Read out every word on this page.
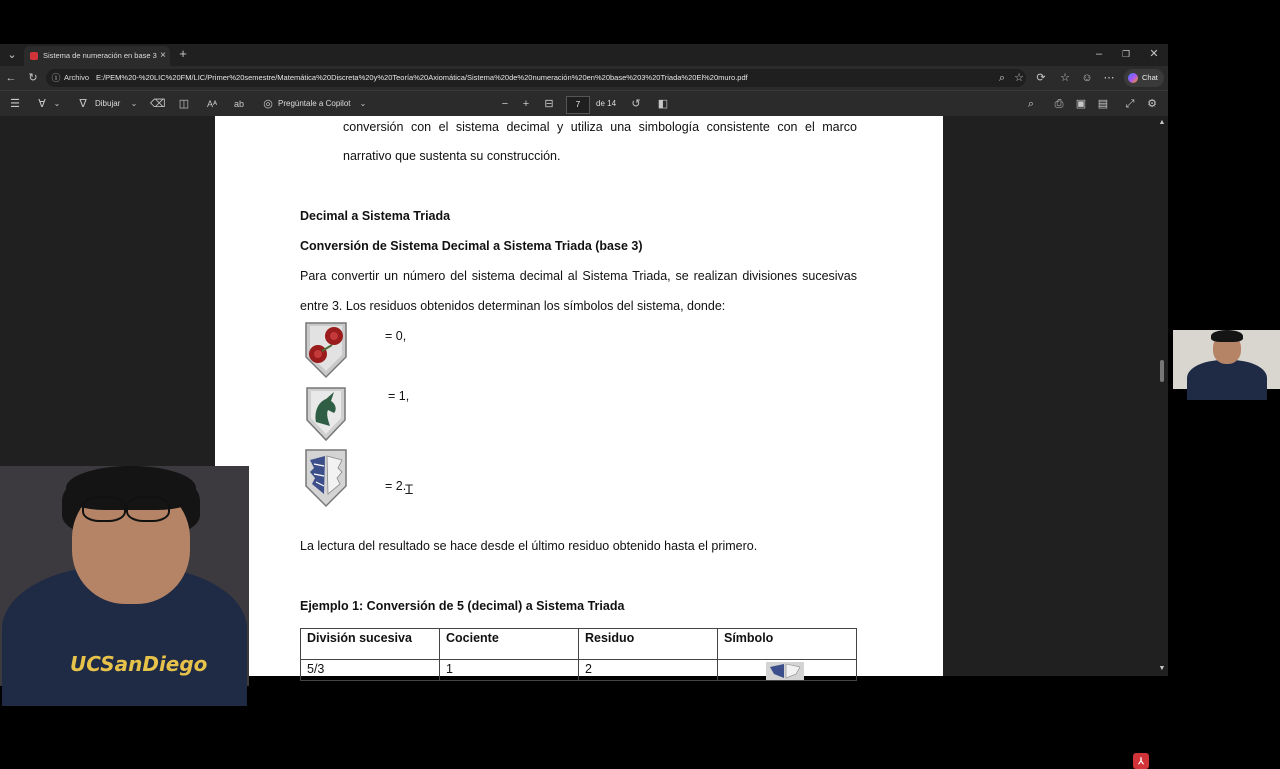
⌄	Sistema de numeración en base 3 × +	–	❐ ✕
← ↻ ⓘ Archivo E:/PEM%20-%20LIC%20FM/LIC/Primer%20semestre/Matemática%20Discreta%20y%20Teoría%20Axiomática/Sistema%20de%20numeración%20en%20base%203%20Triada%20El%20muro.pdf	⌕ ☆ ⟳ ☆ ☺ ⋯	Chat
☰ ∀ ⌄	∇	Dibujar ⌄ ⌫ ◫ Aᴬ ab ◎ Pregúntale a Copilot ⌄	−	+	⊟	7	de 14 ↺ ◧	⌕	⎙ ▣ ▤ ⤢ ⚙
conversión con el sistema decimal y utiliza una simbología consistente con el marco
narrativo que sustenta su construcción.
Decimal a Sistema Triada
Conversión de Sistema Decimal a Sistema Triada (base 3)
Para convertir un número del sistema decimal al Sistema Triada, se realizan divisiones sucesivas
entre 3. Los residuos obtenidos determinan los símbolos del sistema, donde:
= 0,
= 1,
= 2.
Ꮖ
La lectura del resultado se hace desde el último residuo obtenido hasta el primero.
Ejemplo 1: Conversión de 5 (decimal) a Sistema Triada
División sucesiva	Cociente	Residuo	Símbolo
5/3	1	2	
▲
▼
⅄
UCSanDiego
